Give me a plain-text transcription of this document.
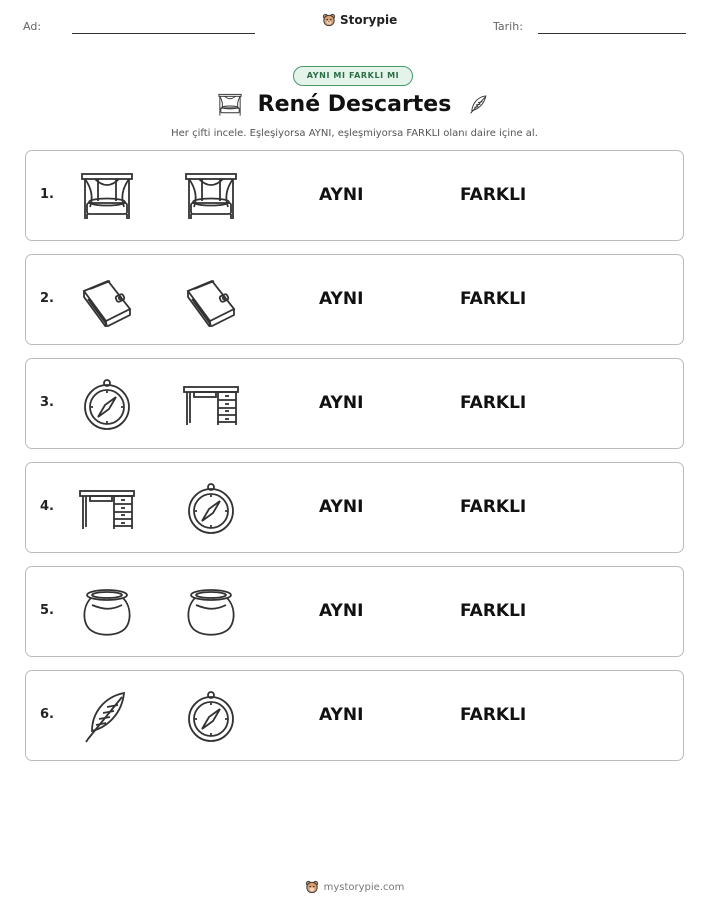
Ad:	Storypie	Tarih:
AYNI MI FARKLI MI
René Descartes
Her çifti incele. Eşleşiyorsa AYNI, eşleşmiyorsa FARKLI olanı daire içine al.
1.	AYNI	FARKLI
2.	AYNI	FARKLI
3.	AYNI	FARKLI
4.	AYNI	FARKLI
5.	AYNI	FARKLI
6.	AYNI	FARKLI
mystorypie.com
